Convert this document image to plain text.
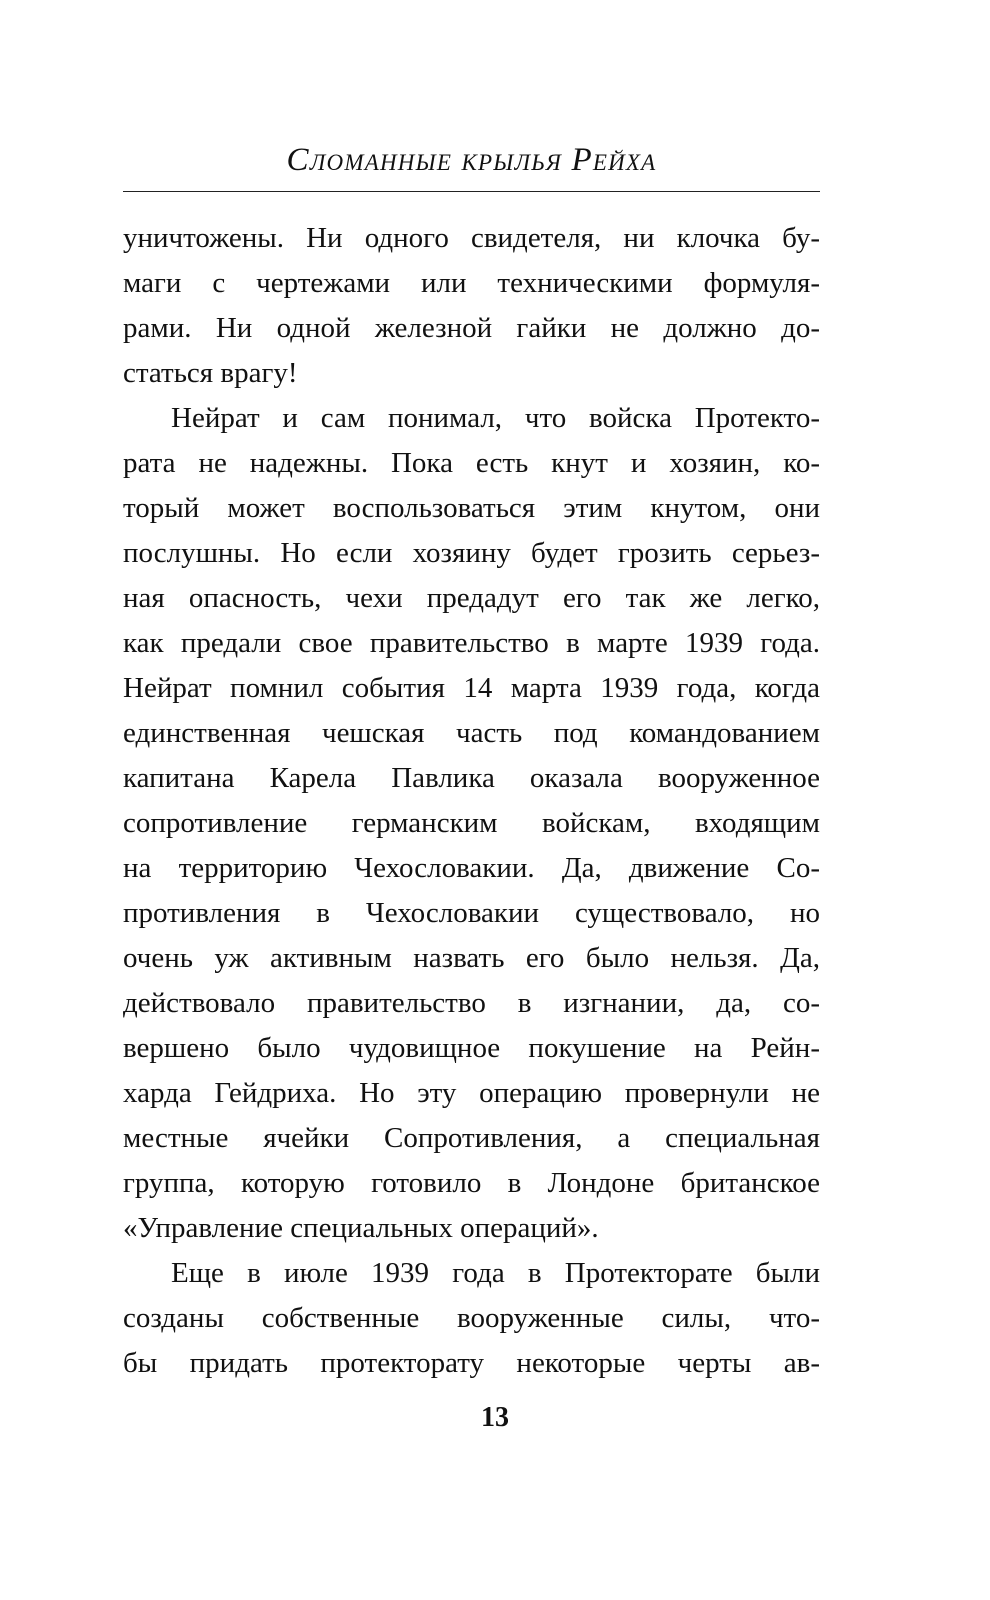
Сломанные крылья Рейха
уничтожены. Ни одного свидетеля, ни клочка бу-
маги с чертежами или техническими формуля-
рами. Ни одной железной гайки не должно до-
статься врагу!
Нейрат и сам понимал, что войска Протекто-
рата не надежны. Пока есть кнут и хозяин, ко-
торый может воспользоваться этим кнутом, они
послушны. Но если хозяину будет грозить серьез-
ная опасность, чехи предадут его так же легко,
как предали свое правительство в марте 1939 года.
Нейрат помнил события 14 марта 1939 года, когда
единственная чешская часть под командованием
капитана Карела Павлика оказала вооруженное
сопротивление германским войскам, входящим
на территорию Чехословакии. Да, движение Со-
противления в Чехословакии существовало, но
очень уж активным назвать его было нельзя. Да,
действовало правительство в изгнании, да, со-
вершено было чудовищное покушение на Рейн-
харда Гейдриха. Но эту операцию провернули не
местные ячейки Сопротивления, а специальная
группа, которую готовило в Лондоне британское
«Управление специальных операций».
Еще в июле 1939 года в Протекторате были
созданы собственные вооруженные силы, что-
бы придать протекторату некоторые черты ав-
13
